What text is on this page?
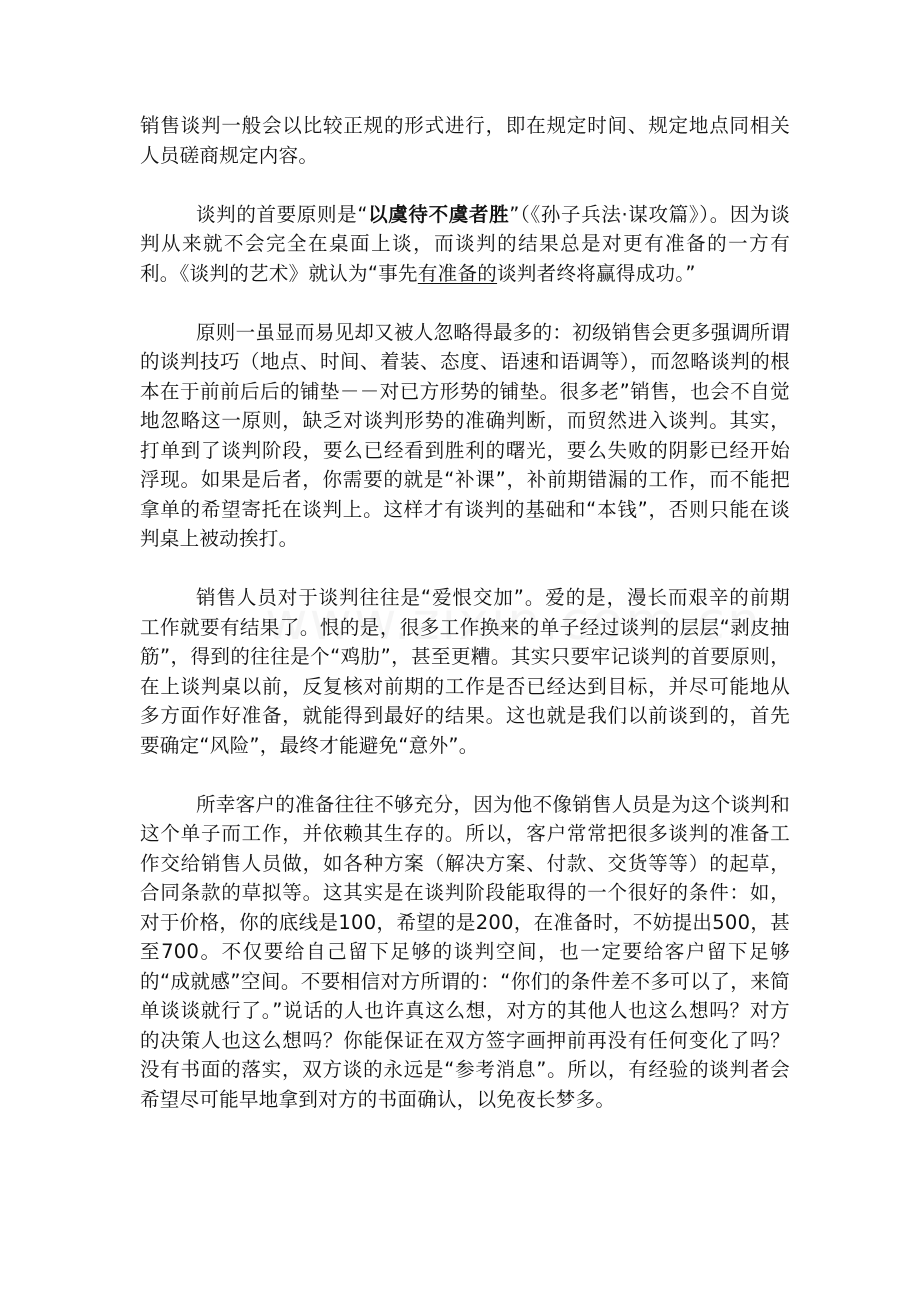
销售谈判一般会以比较正规的形式进行，即在规定时间、规定地点同相关人员磋商规定内容。

谈判的首要原则是“以虞待不虞者胜”（《孙子兵法·谋攻篇》）。因为谈判从来就不会完全在桌面上谈，而谈判的结果总是对更有准备的一方有利。《谈判的艺术》就认为“事先有准备的谈判者终将赢得成功。”

原则一虽显而易见却又被人忽略得最多的：初级销售会更多强调所谓的谈判技巧（地点、时间、着装、态度、语速和语调等），而忽略谈判的根本在于前前后后的铺垫－－对已方形势的铺垫。很多老”销售，也会不自觉地忽略这一原则，缺乏对谈判形势的准确判断，而贸然进入谈判。其实，打单到了谈判阶段，要么已经看到胜利的曙光，要么失败的阴影已经开始浮现。如果是后者，你需要的就是“补课”，补前期错漏的工作，而不能把拿单的希望寄托在谈判上。这样才有谈判的基础和“本钱”，否则只能在谈判桌上被动挨打。

销售人员对于谈判往往是“爱恨交加”。爱的是，漫长而艰辛的前期工作就要有结果了。恨的是，很多工作换来的单子经过谈判的层层“剥皮抽筋”，得到的往往是个“鸡肋”，甚至更糟。其实只要牢记谈判的首要原则，在上谈判桌以前，反复核对前期的工作是否已经达到目标，并尽可能地从多方面作好准备，就能得到最好的结果。这也就是我们以前谈到的，首先要确定“风险”，最终才能避免“意外”。

所幸客户的准备往往不够充分，因为他不像销售人员是为这个谈判和这个单子而工作，并依赖其生存的。所以，客户常常把很多谈判的准备工作交给销售人员做，如各种方案（解决方案、付款、交货等等）的起草，合同条款的草拟等。这其实是在谈判阶段能取得的一个很好的条件：如，对于价格，你的底线是100，希望的是200，在准备时，不妨提出500，甚至700。不仅要给自己留下足够的谈判空间，也一定要给客户留下足够的“成就感”空间。不要相信对方所谓的：“你们的条件差不多可以了，来简单谈谈就行了。”说话的人也许真这么想，对方的其他人也这么想吗？对方的决策人也这么想吗？你能保证在双方签字画押前再没有任何变化了吗？没有书面的落实，双方谈的永远是“参考消息”。所以，有经验的谈判者会希望尽可能早地拿到对方的书面确认，以免夜长梦多。
